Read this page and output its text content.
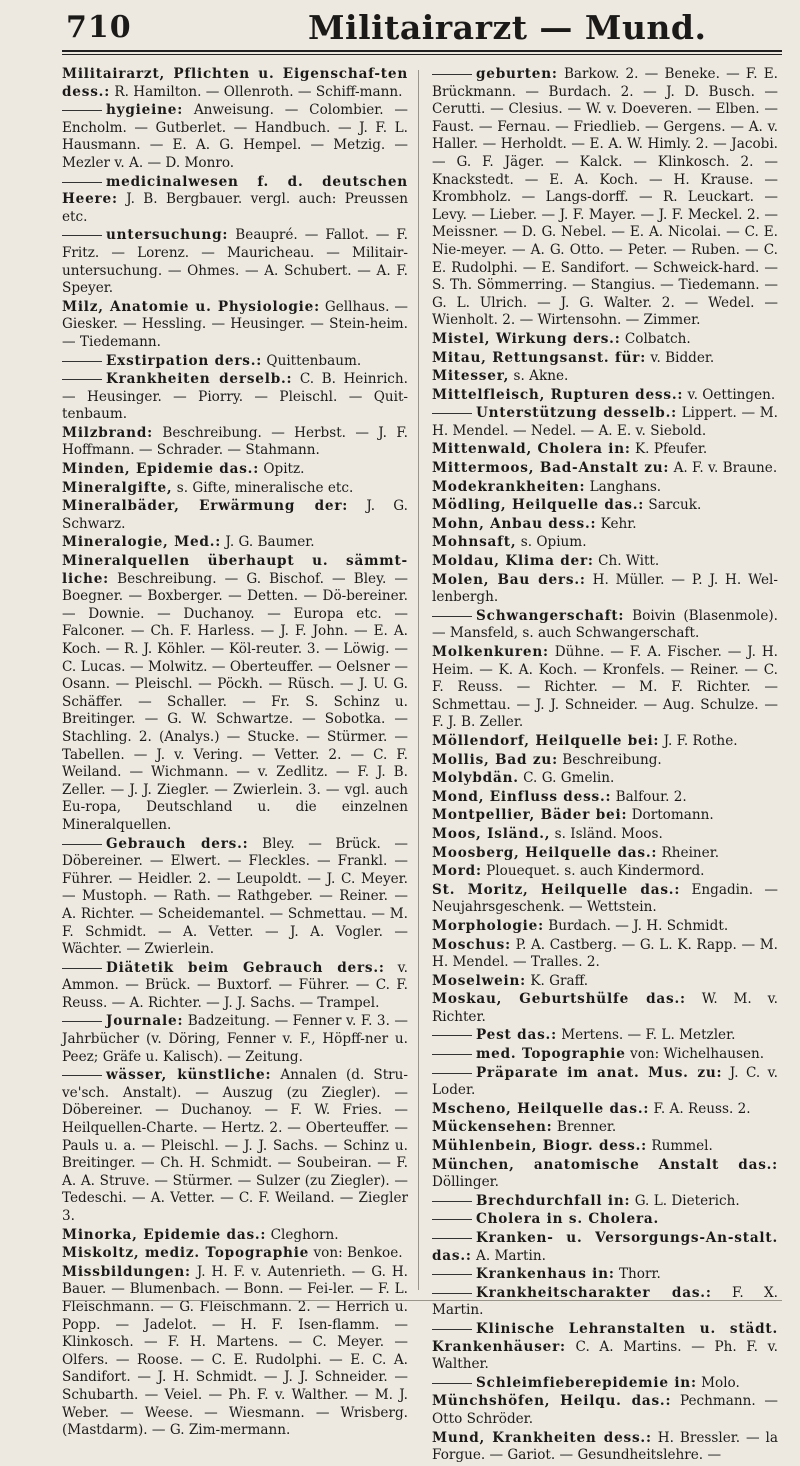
710	Militairarzt — Mund.
Militairarzt, Pflichten u. Eigenschaf-ten dess.: R. Hamilton. — Ollenroth. — Schiff-mann.
hygieine: Anweisung. — Colombier. — Encholm. — Gutberlet. — Handbuch. — J. F. L. Hausmann. — E. A. G. Hempel. — Metzig. — Mezler v. A. — D. Monro.
medicinalwesen f. d. deutschen Heere: J. B. Bergbauer. vergl. auch: Preussen etc.
untersuchung: Beaupré. — Fallot. — F. Fritz. — Lorenz. — Mauricheau. — Militair-untersuchung. — Ohmes. — A. Schubert. — A. F. Speyer.
Milz, Anatomie u. Physiologie: Gellhaus. — Giesker. — Hessling. — Heusinger. — Stein-heim. — Tiedemann.
Exstirpation ders.: Quittenbaum.
Krankheiten derselb.: C. B. Heinrich. — Heusinger. — Piorry. — Pleischl. — Quit-tenbaum.
Milzbrand: Beschreibung. — Herbst. — J. F. Hoffmann. — Schrader. — Stahmann.
Minden, Epidemie das.: Opitz.
Mineralgifte, s. Gifte, mineralische etc.
Mineralbäder, Erwärmung der: J. G. Schwarz.
Mineralogie, Med.: J. G. Baumer.
Mineralquellen überhaupt u. sämmt-liche: Beschreibung. — G. Bischof. — Bley. — Boegner. — Boxberger. — Detten. — Dö-bereiner. — Downie. — Duchanoy. — Europa etc. — Falconer. — Ch. F. Harless. — J. F. John. — E. A. Koch. — R. J. Köhler. — Köl-reuter. 3. — Löwig. — C. Lucas. — Molwitz. — Oberteuffer. — Oelsner — Osann. — Pleischl. — Pöckh. — Rüsch. — J. U. G. Schäffer. — Schaller. — Fr. S. Schinz u. Breitinger. — G. W. Schwartze. — Sobotka. — Stachling. 2. (Analys.) — Stucke. — Stürmer. — Tabellen. — J. v. Vering. — Vetter. 2. — C. F. Weiland. — Wichmann. — v. Zedlitz. — F. J. B. Zeller. — J. J. Ziegler. — Zwierlein. 3. — vgl. auch Eu-ropa, Deutschland u. die einzelnen Mineralquellen.
Gebrauch ders.: Bley. — Brück. — Döbereiner. — Elwert. — Fleckles. — Frankl. — Führer. — Heidler. 2. — Leupoldt. — J. C. Meyer. — Mustoph. — Rath. — Rathgeber. — Reiner. — A. Richter. — Scheidemantel. — Schmettau. — M. F. Schmidt. — A. Vetter. — J. A. Vogler. — Wächter. — Zwierlein.
Diätetik beim Gebrauch ders.: v. Ammon. — Brück. — Buxtorf. — Führer. — C. F. Reuss. — A. Richter. — J. J. Sachs. — Trampel.
Journale: Badzeitung. — Fenner v. F. 3. — Jahrbücher (v. Döring, Fenner v. F., Höpff-ner u. Peez; Gräfe u. Kalisch). — Zeitung.
wässer, künstliche: Annalen (d. Stru-ve'sch. Anstalt). — Auszug (zu Ziegler). — Döbereiner. — Duchanoy. — F. W. Fries. — Heilquellen-Charte. — Hertz. 2. — Oberteuffer. — Pauls u. a. — Pleischl. — J. J. Sachs. — Schinz u. Breitinger. — Ch. H. Schmidt. — Soubeiran. — F. A. A. Struve. — Stürmer. — Sulzer (zu Ziegler). — Tedeschi. — A. Vetter. — C. F. Weiland. — Ziegler 3.
Minorka, Epidemie das.: Cleghorn.
Miskoltz, mediz. Topographie von: Benkoe.
Missbildungen: J. H. F. v. Autenrieth. — G. H. Bauer. — Blumenbach. — Bonn. — Fei-ler. — F. L. Fleischmann. — G. Fleischmann. 2. — Herrich u. Popp. — Jadelot. — H. F. Isen-flamm. — Klinkosch. — F. H. Martens. — C. Meyer. — Olfers. — Roose. — C. E. Rudolphi. — E. C. A. Sandifort. — J. H. Schmidt. — J. J. Schneider. — Schubarth. — Veiel. — Ph. F. v. Walther. — M. J. Weber. — Weese. — Wiesmann. — Wrisberg. (Mastdarm). — G. Zim-mermann.
geburten: Barkow. 2. — Beneke. — F. E. Brückmann. — Burdach. 2. — J. D. Busch. — Cerutti. — Clesius. — W. v. Doeveren. — Elben. — Faust. — Fernau. — Friedlieb. — Gergens. — A. v. Haller. — Herholdt. — E. A. W. Himly. 2. — Jacobi. — G. F. Jäger. — Kalck. — Klinkosch. 2. — Knackstedt. — E. A. Koch. — H. Krause. — Krombholz. — Langs-dorff. — R. Leuckart. — Levy. — Lieber. — J. F. Mayer. — J. F. Meckel. 2. — Meissner. — D. G. Nebel. — E. A. Nicolai. — C. E. Nie-meyer. — A. G. Otto. — Peter. — Ruben. — C. E. Rudolphi. — E. Sandifort. — Schweick-hard. — S. Th. Sömmerring. — Stangius. — Tiedemann. — G. L. Ulrich. — J. G. Walter. 2. — Wedel. — Wienholt. 2. — Wirtensohn. — Zimmer.
Mistel, Wirkung ders.: Colbatch.
Mitau, Rettungsanst. für: v. Bidder.
Mitesser, s. Akne.
Mittelfleisch, Rupturen dess.: v. Oettingen.
Unterstützung desselb.: Lippert. — M. H. Mendel. — Nedel. — A. E. v. Siebold.
Mittenwald, Cholera in: K. Pfeufer.
Mittermoos, Bad-Anstalt zu: A. F. v. Braune.
Modekrankheiten: Langhans.
Mödling, Heilquelle das.: Sarcuk.
Mohn, Anbau dess.: Kehr.
Mohnsaft, s. Opium.
Moldau, Klima der: Ch. Witt.
Molen, Bau ders.: H. Müller. — P. J. H. Wel-lenbergh.
Schwangerschaft: Boivin (Blasenmole). — Mansfeld, s. auch Schwangerschaft.
Molkenkuren: Dühne. — F. A. Fischer. — J. H. Heim. — K. A. Koch. — Kronfels. — Reiner. — C. F. Reuss. — Richter. — M. F. Richter. — Schmettau. — J. J. Schneider. — Aug. Schulze. — F. J. B. Zeller.
Möllendorf, Heilquelle bei: J. F. Rothe.
Mollis, Bad zu: Beschreibung.
Molybdän. C. G. Gmelin.
Mond, Einfluss dess.: Balfour. 2.
Montpellier, Bäder bei: Dortomann.
Moos, Isländ., s. Isländ. Moos.
Moosberg, Heilquelle das.: Rheiner.
Mord: Plouequet. s. auch Kindermord.
St. Moritz, Heilquelle das.: Engadin. — Neujahrsgeschenk. — Wettstein.
Morphologie: Burdach. — J. H. Schmidt.
Moschus: P. A. Castberg. — G. L. K. Rapp. — M. H. Mendel. — Tralles. 2.
Moselwein: K. Graff.
Moskau, Geburtshülfe das.: W. M. v. Richter.
Pest das.: Mertens. — F. L. Metzler.
med. Topographie von: Wichelhausen.
Präparate im anat. Mus. zu: J. C. v. Loder.
Mscheno, Heilquelle das.: F. A. Reuss. 2.
Mückensehen: Brenner.
Mühlenbein, Biogr. dess.: Rummel.
München, anatomische Anstalt das.: Döllinger.
Brechdurchfall in: G. L. Dieterich.
Cholera in s. Cholera.
Kranken- u. Versorgungs-An-stalt. das.: A. Martin.
Krankenhaus in: Thorr.
Krankheitscharakter das.: F. X. Martin.
Klinische Lehranstalten u. städt. Krankenhäuser: C. A. Martins. — Ph. F. v. Walther.
Schleimfieberepidemie in: Molo.
Münchshöfen, Heilqu. das.: Pechmann. — Otto Schröder.
Mund, Krankheiten dess.: H. Bressler. — la Forgue. — Gariot. — Gesundheitslehre. —
